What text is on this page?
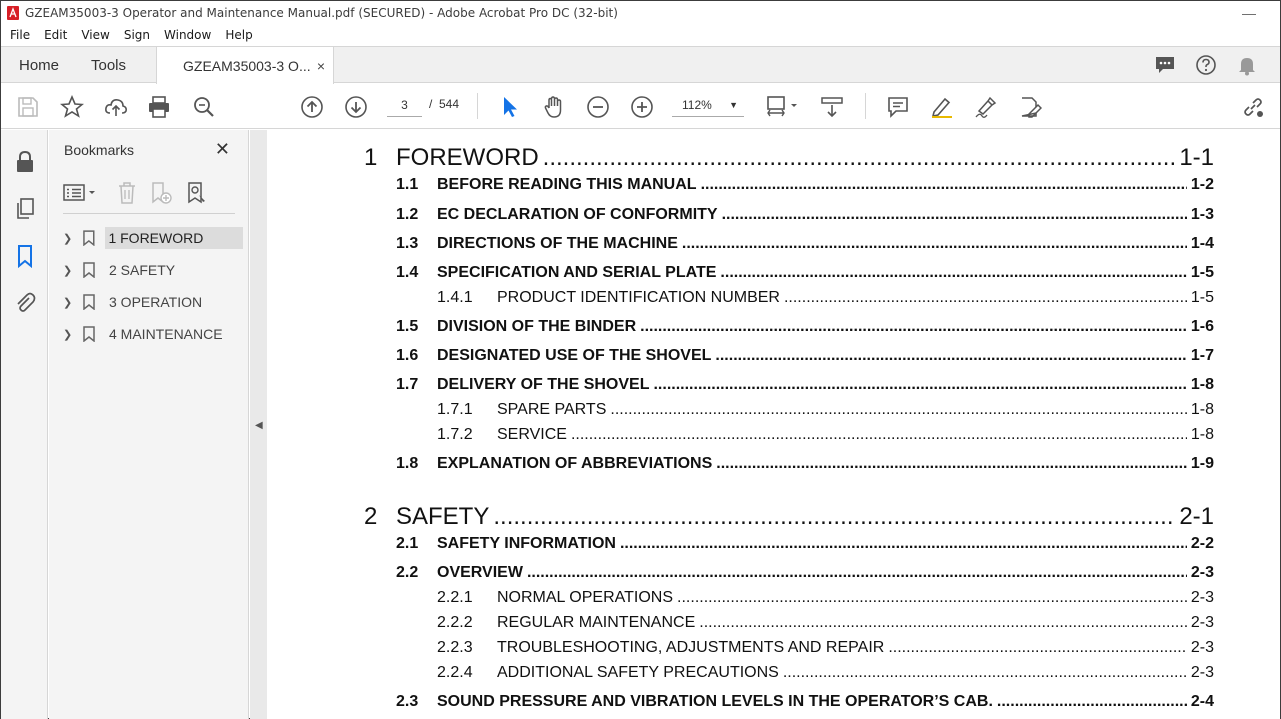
GZEAM35003-3 Operator and Maintenance Manual.pdf (SECURED) - Adobe Acrobat Pro DC (32-bit)	—
File Edit View Sign Window Help
Home Tools	GZEAM35003-3 O... ×
3	/ 544	112% ▼
Bookmarks	✕
❯	1 FOREWORD
❯	2 SAFETY
❯	3 OPERATION
❯	4 MAINTENANCE
◀
1 FOREWORD .....	1-1
1.1	BEFORE READING THIS MANUAL .....	1-2
1.2	EC DECLARATION OF CONFORMITY .....	1-3
1.3	DIRECTIONS OF THE MACHINE .....	1-4
1.4	SPECIFICATION AND SERIAL PLATE .....	1-5
1.4.1	PRODUCT IDENTIFICATION NUMBER .....	1-5
1.5	DIVISION OF THE BINDER .....	1-6
1.6	DESIGNATED USE OF THE SHOVEL .....	1-7
1.7	DELIVERY OF THE SHOVEL .....	1-8
1.7.1	SPARE PARTS .....	1-8
1.7.2	SERVICE .....	1-8
1.8	EXPLANATION OF ABBREVIATIONS .....	1-9
2 SAFETY .....	2-1
2.1	SAFETY INFORMATION .....	2-2
2.2	OVERVIEW .....	2-3
2.2.1	NORMAL OPERATIONS .....	2-3
2.2.2	REGULAR MAINTENANCE .....	2-3
2.2.3	TROUBLESHOOTING, ADJUSTMENTS AND REPAIR .....	2-3
2.2.4	ADDITIONAL SAFETY PRECAUTIONS .....	2-3
2.3	SOUND PRESSURE AND VIBRATION LEVELS IN THE OPERATOR’S CAB. .....	2-4
